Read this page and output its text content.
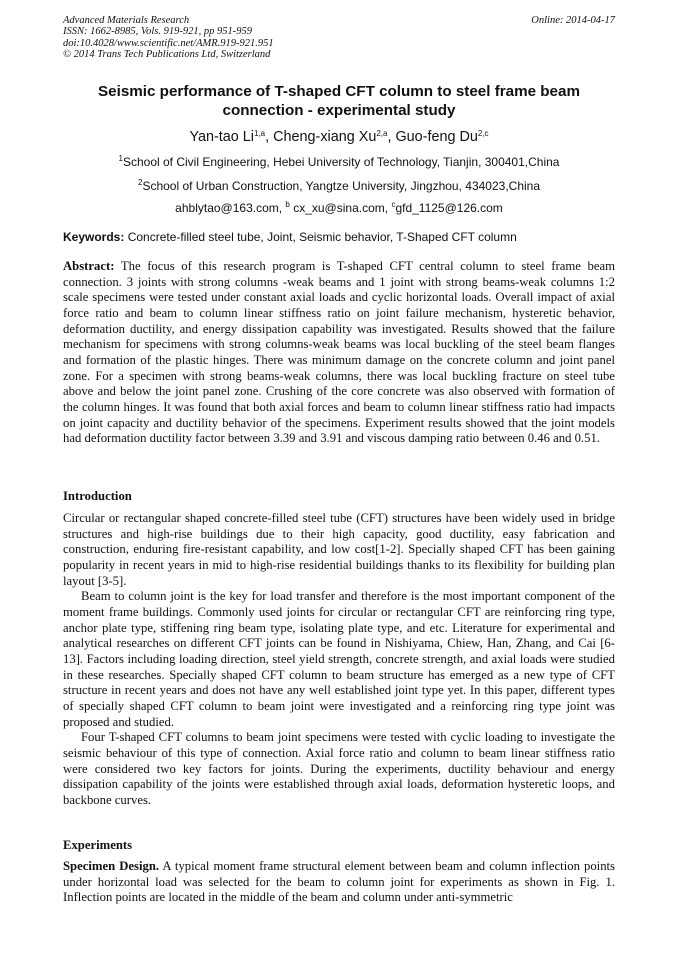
Advanced Materials Research
ISSN: 1662-8985, Vols. 919-921, pp 951-959
doi:10.4028/www.scientific.net/AMR.919-921.951
© 2014 Trans Tech Publications Ltd, Switzerland
Online: 2014-04-17
Seismic performance of T-shaped CFT column to steel frame beam
connection - experimental study
Yan-tao Li$^{1,a}$, Cheng-xiang Xu$^{2,a}$, Guo-feng Du$^{2,c}$
$^1$School of Civil Engineering, Hebei University of Technology, Tianjin, 300401,China
$^2$School of Urban Construction, Yangtze University, Jingzhou, 434023,China
ahblytao@163.com, $^b$ cx_xu@sina.com, $^c$gfd_1125@126.com
Keywords: Concrete-filled steel tube, Joint, Seismic behavior, T-Shaped CFT column
Abstract: The focus of this research program is T-shaped CFT central column to steel frame beam connection. 3 joints with strong columns -weak beams and 1 joint with strong beams-weak columns 1:2 scale specimens were tested under constant axial loads and cyclic horizontal loads. Overall impact of axial force ratio and beam to column linear stiffness ratio on joint failure mechanism, hysteretic behavior, deformation ductility, and energy dissipation capability was investigated. Results showed that the failure mechanism for specimens with strong columns-weak beams was local buckling of the steel beam flanges and formation of the plastic hinges. There was minimum damage on the concrete column and joint panel zone. For a specimen with strong beams-weak columns, there was local buckling fracture on steel tube above and below the joint panel zone. Crushing of the core concrete was also observed with formation of the column hinges. It was found that both axial forces and beam to column linear stiffness ratio had impacts on joint capacity and ductility behavior of the specimens. Experiment results showed that the joint models had deformation ductility factor between 3.39 and 3.91 and viscous damping ratio between 0.46 and 0.51.
Introduction

Circular or rectangular shaped concrete-filled steel tube (CFT) structures have been widely used in bridge structures and high-rise buildings due to their high capacity, good ductility, easy fabrication and construction, enduring fire-resistant capability, and low cost[1-2]. Specially shaped CFT has been gaining popularity in recent years in mid to high-rise residential buildings thanks to its flexibility for building plan layout [3-5].

Beam to column joint is the key for load transfer and therefore is the most important component of the moment frame buildings. Commonly used joints for circular or rectangular CFT are reinforcing ring type, anchor plate type, stiffening ring beam type, isolating plate type, and etc. Literature for experimental and analytical researches on different CFT joints can be found in Nishiyama, Chiew, Han, Zhang, and Cai [6-13]. Factors including loading direction, steel yield strength, concrete strength, and axial loads were studied in these researches. Specially shaped CFT column to beam structure has emerged as a new type of CFT structure in recent years and does not have any well established joint type yet. In this paper, different types of specially shaped CFT column to beam joint were investigated and a reinforcing ring type joint was proposed and studied.

Four T-shaped CFT columns to beam joint specimens were tested with cyclic loading to investigate the seismic behaviour of this type of connection. Axial force ratio and column to beam linear stiffness ratio were considered two key factors for joints. During the experiments, ductility behaviour and energy dissipation capability of the joints were established through axial loads, deformation hysteretic loops, and backbone curves.

Experiments
Specimen Design. A typical moment frame structural element between beam and column inflection points under horizontal load was selected for the beam to column joint for experiments as shown in Fig. 1. Inflection points are located in the middle of the beam and column under anti-symmetric
